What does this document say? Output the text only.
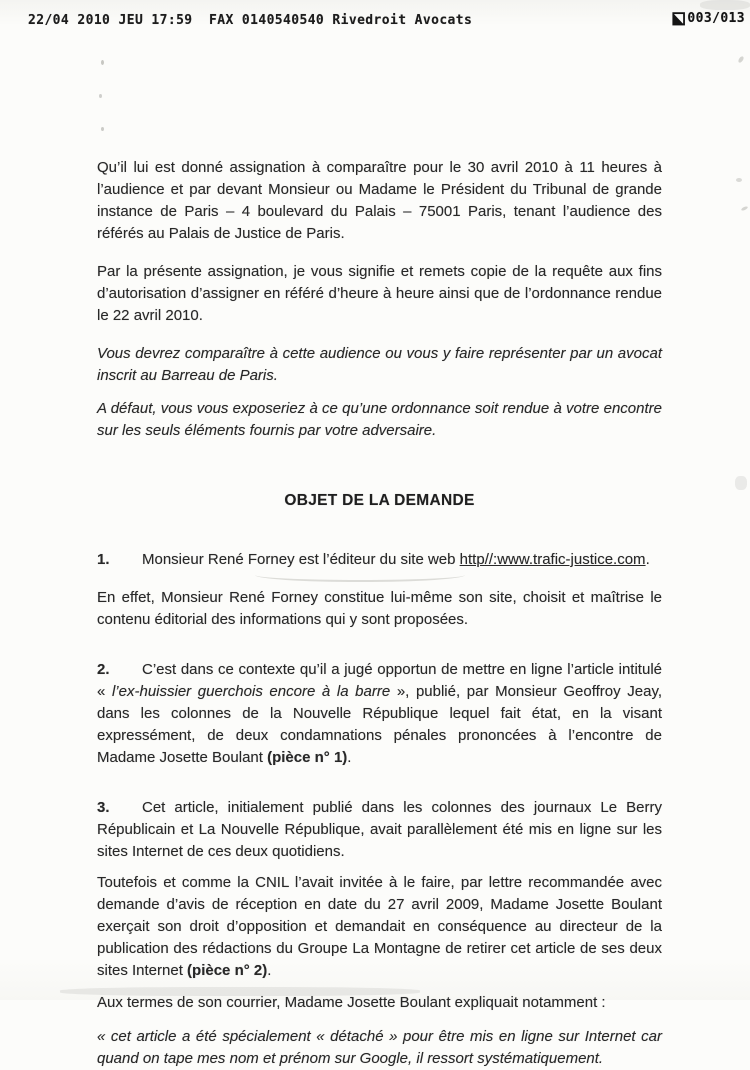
22/04 2010 JEU 17:59  FAX 0140540540 Rivedroit Avocats	003/013

Qu’il lui est donné assignation à comparaître pour le 30 avril 2010 à 11 heures à l’audience et par devant Monsieur ou Madame le Président du Tribunal de grande instance de Paris – 4 boulevard du Palais – 75001 Paris, tenant l’audience des référés au Palais de Justice de Paris.

Par la présente assignation, je vous signifie et remets copie de la requête aux fins d’autorisation d’assigner en référé d’heure à heure ainsi que de l’ordonnance rendue le 22 avril 2010.

Vous devrez comparaître à cette audience ou vous y faire représenter par un avocat inscrit au Barreau de Paris.

A défaut, vous vous exposeriez à ce qu’une ordonnance soit rendue à votre encontre sur les seuls éléments fournis par votre adversaire.

OBJET DE LA DEMANDE

1. Monsieur René Forney est l’éditeur du site web http//:www.trafic-justice.com.

En effet, Monsieur René Forney constitue lui-même son site, choisit et maîtrise le contenu éditorial des informations qui y sont proposées.

2. C’est dans ce contexte qu’il a jugé opportun de mettre en ligne l’article intitulé « l’ex-huissier guerchois encore à la barre », publié, par Monsieur Geoffroy Jeay, dans les colonnes de la Nouvelle République lequel fait état, en la visant expressément, de deux condamnations pénales prononcées à l’encontre de Madame Josette Boulant (pièce n° 1).

3. Cet article, initialement publié dans les colonnes des journaux Le Berry Républicain et La Nouvelle République, avait parallèlement été mis en ligne sur les sites Internet de ces deux quotidiens.

Toutefois et comme la CNIL l’avait invitée à le faire, par lettre recommandée avec demande d’avis de réception en date du 27 avril 2009, Madame Josette Boulant exerçait son droit d’opposition et demandait en conséquence au directeur de la publication des rédactions du Groupe La Montagne de retirer cet article de ses deux sites Internet (pièce n° 2).

Aux termes de son courrier, Madame Josette Boulant expliquait notamment :

« cet article a été spécialement « détaché » pour être mis en ligne sur Internet car quand on tape mes nom et prénom sur Google, il ressort systématiquement.
